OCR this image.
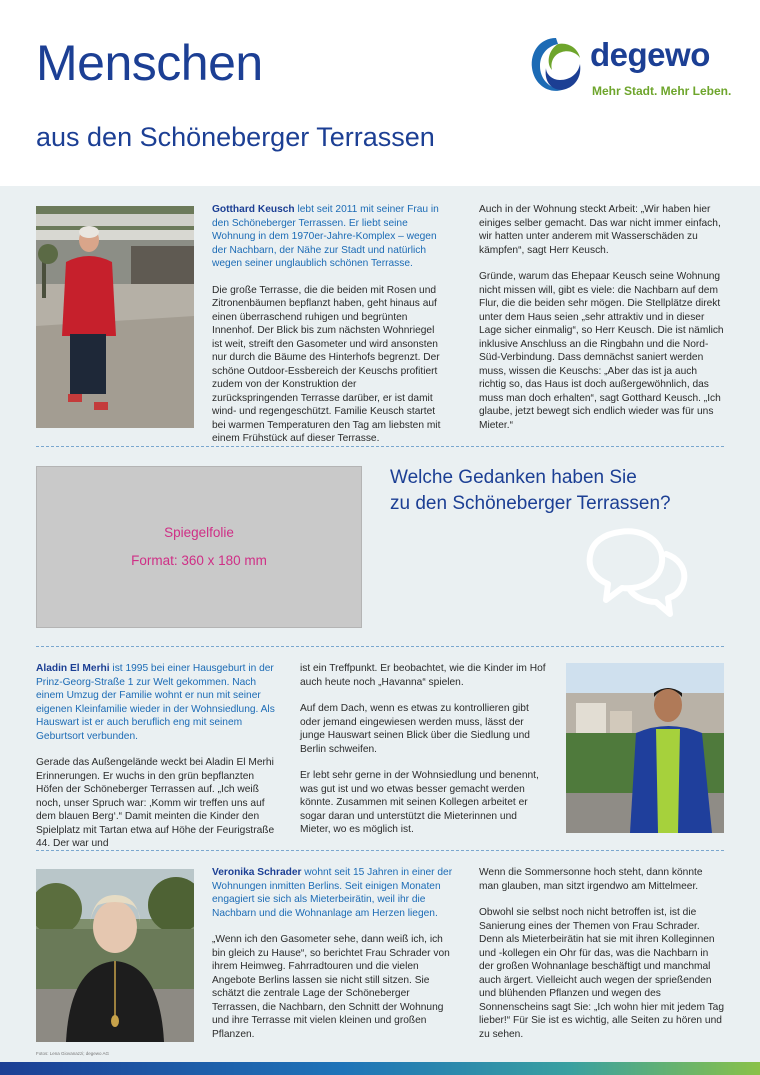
Menschen
aus den Schöneberger Terrassen
degewo
Mehr Stadt. Mehr Leben.

Gotthard Keusch lebt seit 2011 mit seiner Frau in den Schöneberger Terrassen. Er liebt seine Wohnung in dem 1970er-Jahre-Komplex – wegen der Nachbarn, der Nähe zur Stadt und natürlich wegen seiner unglaublich schönen Terrasse.

Die große Terrasse, die die beiden mit Rosen und Zitronenbäumen bepflanzt haben, geht hinaus auf einen überraschend ruhigen und begrünten Innenhof. Der Blick bis zum nächsten Wohnriegel ist weit, streift den Gasometer und wird ansonsten nur durch die Bäume des Hinterhofs begrenzt. Der schöne Outdoor-Essbereich der Keuschs profitiert zudem von der Konstruktion der zurückspringenden Terrasse darüber, er ist damit wind- und regengeschützt. Familie Keusch startet bei warmen Temperaturen den Tag am liebsten mit einem Frühstück auf dieser Terrasse.

Auch in der Wohnung steckt Arbeit: „Wir haben hier einiges selber gemacht. Das war nicht immer einfach, wir hatten unter anderem mit Wasserschäden zu kämpfen“, sagt Herr Keusch.

Gründe, warum das Ehepaar Keusch seine Wohnung nicht missen will, gibt es viele: die Nachbarn auf dem Flur, die die beiden sehr mögen. Die Stellplätze direkt unter dem Haus seien „sehr attraktiv und in dieser Lage sicher einmalig“, so Herr Keusch. Die ist nämlich inklusive Anschluss an die Ringbahn und die Nord-Süd-Verbindung. Dass demnächst saniert werden muss, wissen die Keuschs: „Aber das ist ja auch richtig so, das Haus ist doch außergewöhnlich, das muss man doch erhalten“, sagt Gotthard Keusch. „Ich glaube, jetzt bewegt sich endlich wieder was für uns Mieter.“

Spiegelfolie
Format: 360 x 180 mm
Welche Gedanken haben Sie
zu den Schöneberger Terrassen?

Aladin El Merhi ist 1995 bei einer Hausgeburt in der Prinz-Georg-Straße 1 zur Welt gekommen. Nach einem Umzug der Familie wohnt er nun mit seiner eigenen Kleinfamilie wieder in der Wohnsiedlung. Als Hauswart ist er auch beruflich eng mit seinem Geburtsort verbunden.

Gerade das Außengelände weckt bei Aladin El Merhi Erinnerungen. Er wuchs in den grün bepflanzten Höfen der Schöneberger Terrassen auf. „Ich weiß noch, unser Spruch war: ‚Komm wir treffen uns auf dem blauen Berg‘.“ Damit meinten die Kinder den Spielplatz mit Tartan etwa auf Höhe der Feurigstraße 44. Der war und

ist ein Treffpunkt. Er beobachtet, wie die Kinder im Hof auch heute noch „Havanna“ spielen.

Auf dem Dach, wenn es etwas zu kontrollieren gibt oder jemand eingewiesen werden muss, lässt der junge Hauswart seinen Blick über die Siedlung und Berlin schweifen.

Er lebt sehr gerne in der Wohnsiedlung und benennt, was gut ist und wo etwas besser gemacht werden könnte. Zusammen mit seinen Kollegen arbeitet er sogar daran und unterstützt die Mieterinnen und Mieter, wo es möglich ist.

Veronika Schrader wohnt seit 15 Jahren in einer der Wohnungen inmitten Berlins. Seit einigen Monaten engagiert sie sich als Mieterbeirätin, weil ihr die Nachbarn und die Wohnanlage am Herzen liegen.

„Wenn ich den Gasometer sehe, dann weiß ich, ich bin gleich zu Hause“, so berichtet Frau Schrader von ihrem Heimweg. Fahrradtouren und die vielen Angebote Berlins lassen sie nicht still sitzen. Sie schätzt die zentrale Lage der Schöneberger Terrassen, die Nachbarn, den Schnitt der Wohnung und ihre Terrasse mit vielen kleinen und großen Pflanzen.

Wenn die Sommersonne hoch steht, dann könnte man glauben, man sitzt irgendwo am Mittelmeer.

Obwohl sie selbst noch nicht betroffen ist, ist die Sanierung eines der Themen von Frau Schrader. Denn als Mieterbeirätin hat sie mit ihren Kolleginnen und -kollegen ein Ohr für das, was die Nachbarn in der großen Wohnanlage beschäftigt und manchmal auch ärgert. Vielleicht auch wegen der sprießenden und blühenden Pflanzen und wegen des Sonnenscheins sagt Sie: „Ich wohn hier mit jedem Tag lieber!“ Für Sie ist es wichtig, alle Seiten zu hören und zu sehen.

Fotos: Lena Giovanazzi; degewo AG
